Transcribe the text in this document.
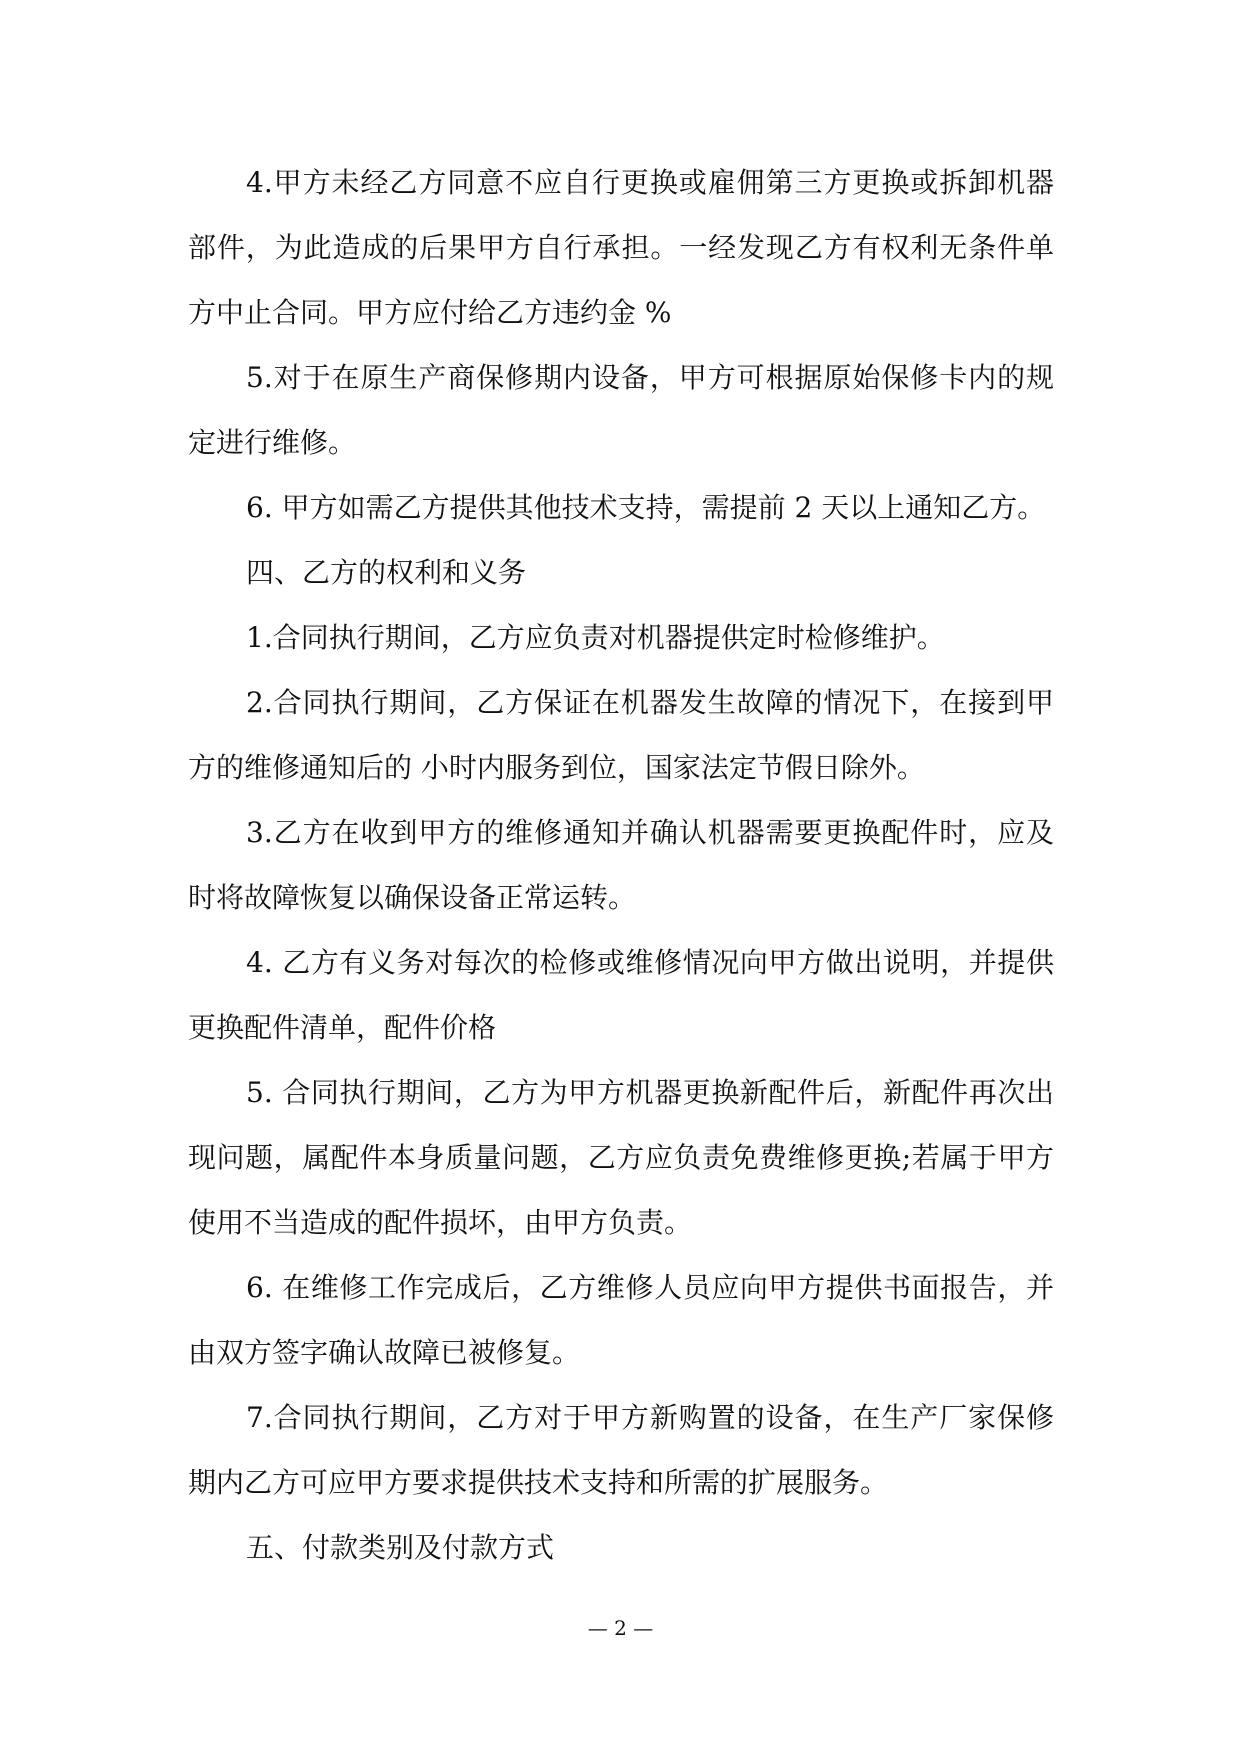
4.甲方未经乙方同意不应自行更换或雇佣第三方更换或拆卸机器部件，为此造成的后果甲方自行承担。一经发现乙方有权利无条件单方中止合同。甲方应付给乙方违约金 %

5.对于在原生产商保修期内设备，甲方可根据原始保修卡内的规定进行维修。

6. 甲方如需乙方提供其他技术支持，需提前 2 天以上通知乙方。

四、乙方的权利和义务

1.合同执行期间，乙方应负责对机器提供定时检修维护。

2.合同执行期间，乙方保证在机器发生故障的情况下，在接到甲方的维修通知后的 小时内服务到位，国家法定节假日除外。

3.乙方在收到甲方的维修通知并确认机器需要更换配件时，应及时将故障恢复以确保设备正常运转。

4. 乙方有义务对每次的检修或维修情况向甲方做出说明，并提供更换配件清单，配件价格

5. 合同执行期间，乙方为甲方机器更换新配件后，新配件再次出现问题，属配件本身质量问题，乙方应负责免费维修更换;若属于甲方使用不当造成的配件损坏，由甲方负责。

6. 在维修工作完成后，乙方维修人员应向甲方提供书面报告，并由双方签字确认故障已被修复。

7.合同执行期间，乙方对于甲方新购置的设备，在生产厂家保修期内乙方可应甲方要求提供技术支持和所需的扩展服务。

五、付款类别及付款方式

— 2 —
